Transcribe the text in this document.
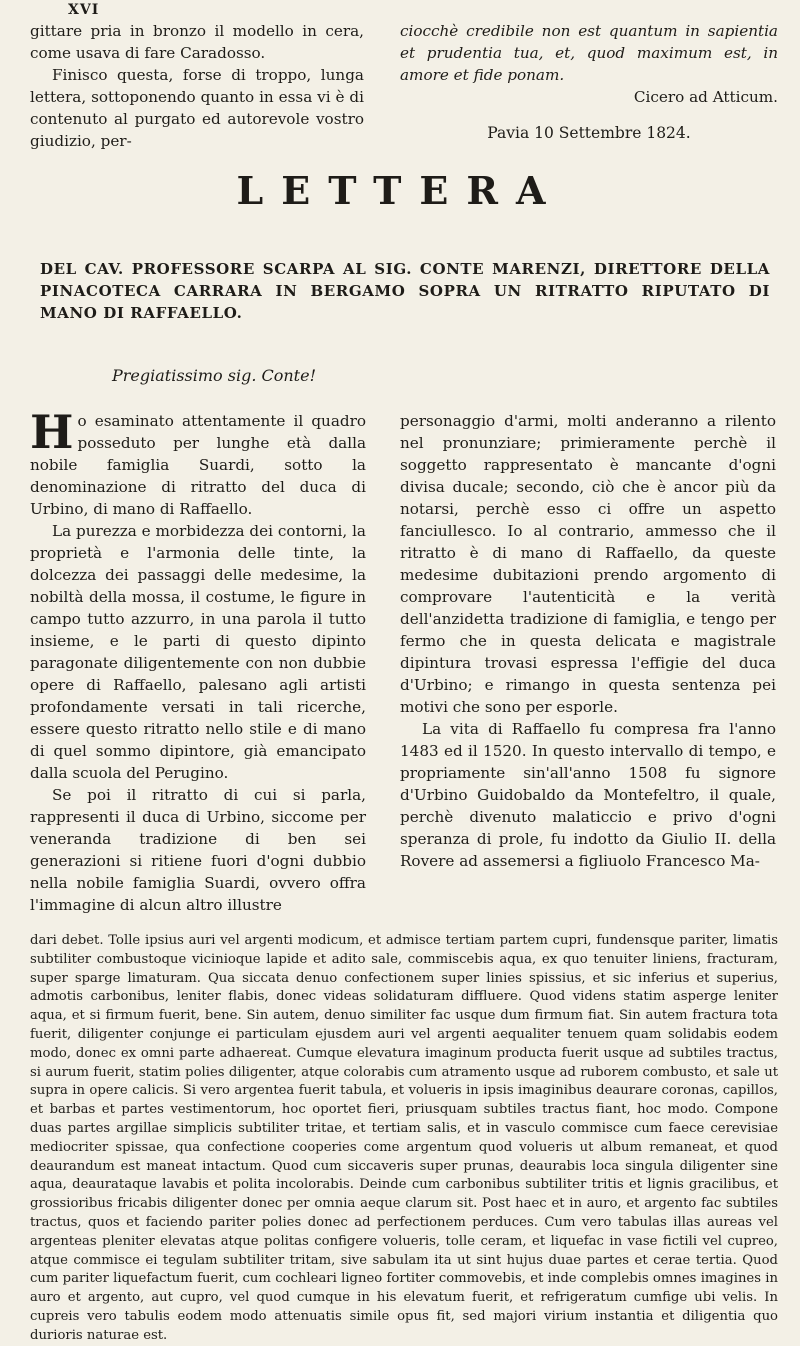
XVI

gittare pria in bronzo il modello in cera, come usava di fare Caradosso.

Finisco questa, forse di troppo, lunga lettera, sottoponendo quanto in essa vi è di contenuto al purgato ed autorevole vostro giudizio, per-

ciocchè credibile non est quantum in sapientia et prudentia tua, et, quod maximum est, in amore et fide ponam.

Cicero ad Atticum.

Pavia 10 Settembre 1824.
LETTERA
DEL CAV. PROFESSORE SCARPA AL SIG. CONTE MARENZI, DIRETTORE DELLA PINACOTECA CARRARA IN BERGAMO SOPRA UN RITRATTO RIPUTATO DI MANO DI RAFFAELLO.
Pregiatissimo sig. Conte!

Ho esaminato attentamente il quadro posseduto per lunghe età dalla nobile famiglia Suardi, sotto la denominazione di ritratto del duca di Urbino, di mano di Raffaello.

La purezza e morbidezza dei contorni, la proprietà e l'armonia delle tinte, la dolcezza dei passaggi delle medesime, la nobiltà della mossa, il costume, le figure in campo tutto azzurro, in una parola il tutto insieme, e le parti di questo dipinto paragonate diligentemente con non dubbie opere di Raffaello, palesano agli artisti profondamente versati in tali ricerche, essere questo ritratto nello stile e di mano di quel sommo dipintore, già emancipato dalla scuola del Perugino.

Se poi il ritratto di cui si parla, rappresenti il duca di Urbino, siccome per veneranda tradizione di ben sei generazioni si ritiene fuori d'ogni dubbio nella nobile famiglia Suardi, ovvero offra l'immagine di alcun altro illustre

personaggio d'armi, molti anderanno a rilento nel pronunziare; primieramente perchè il soggetto rappresentato è mancante d'ogni divisa ducale; secondo, ciò che è ancor più da notarsi, perchè esso ci offre un aspetto fanciullesco. Io al contrario, ammesso che il ritratto è di mano di Raffaello, da queste medesime dubitazioni prendo argomento di comprovare l'autenticità e la verità dell'anzidetta tradizione di famiglia, e tengo per fermo che in questa delicata e magistrale dipintura trovasi espressa l'effigie del duca d'Urbino; e rimango in questa sentenza pei motivi che sono per esporle.

La vita di Raffaello fu compresa fra l'anno 1483 ed il 1520. In questo intervallo di tempo, e propriamente sin'all'anno 1508 fu signore d'Urbino Guidobaldo da Montefeltro, il quale, perchè divenuto malaticcio e privo d'ogni speranza di prole, fu indotto da Giulio II. della Rovere ad assemersi a figliuolo Francesco Ma-

dari debet. Tolle ipsius auri vel argenti modicum, et admisce tertiam partem cupri, fundensque pariter, limatis subtiliter combustoque vicinioque lapide et adito sale, commiscebis aqua, ex quo tenuiter liniens, fracturam, super sparge limaturam. Qua siccata denuo confectionem super linies spissius, et sic inferius et superius, admotis carbonibus, leniter flabis, donec videas solidaturam diffluere. Quod videns statim asperge leniter aqua, et si firmum fuerit, bene. Sin autem, denuo similiter fac usque dum firmum fiat. Sin autem fractura tota fuerit, diligenter conjunge ei particulam ejusdem auri vel argenti aequaliter tenuem quam solidabis eodem modo, donec ex omni parte adhaereat. Cumque elevatura imaginum producta fuerit usque ad subtiles tractus, si aurum fuerit, statim polies diligenter, atque colorabis cum atramento usque ad ruborem combusto, et sale ut supra in opere calicis. Si vero argentea fuerit tabula, et volueris in ipsis imaginibus deaurare coronas, capillos, et barbas et partes vestimentorum, hoc oportet fieri, priusquam subtiles tractus fiant, hoc modo. Compone duas partes argillae simplicis subtiliter tritae, et tertiam salis, et in vasculo commisce cum faece cerevisiae mediocriter spissae, qua confectione cooperies come argentum quod volueris ut album remaneat, et quod deaurandum est maneat intactum. Quod cum siccaveris super prunas, deaurabis loca singula diligenter sine aqua, deaurataque lavabis et polita incolorabis. Deinde cum carbonibus subtiliter tritis et lignis gracilibus, et grossioribus fricabis diligenter donec per omnia aeque clarum sit. Post haec et in auro, et argento fac subtiles tractus, quos et faciendo pariter polies donec ad perfectionem perduces. Cum vero tabulas illas aureas vel argenteas pleniter elevatas atque politas configere volueris, tolle ceram, et liquefac in vase fictili vel cupreo, atque commisce ei tegulam subtiliter tritam, sive sabulam ita ut sint hujus duae partes et cerae tertia. Quod cum pariter liquefactum fuerit, cum cochleari ligneo fortiter commovebis, et inde complebis omnes imagines in auro et argento, aut cupro, vel quod cumque in his elevatum fuerit, et refrigeratum cumfige ubi velis. In cupreis vero tabulis eodem modo attenuatis simile opus fit, sed majori virium instantia et diligentia quo durioris naturae est.
